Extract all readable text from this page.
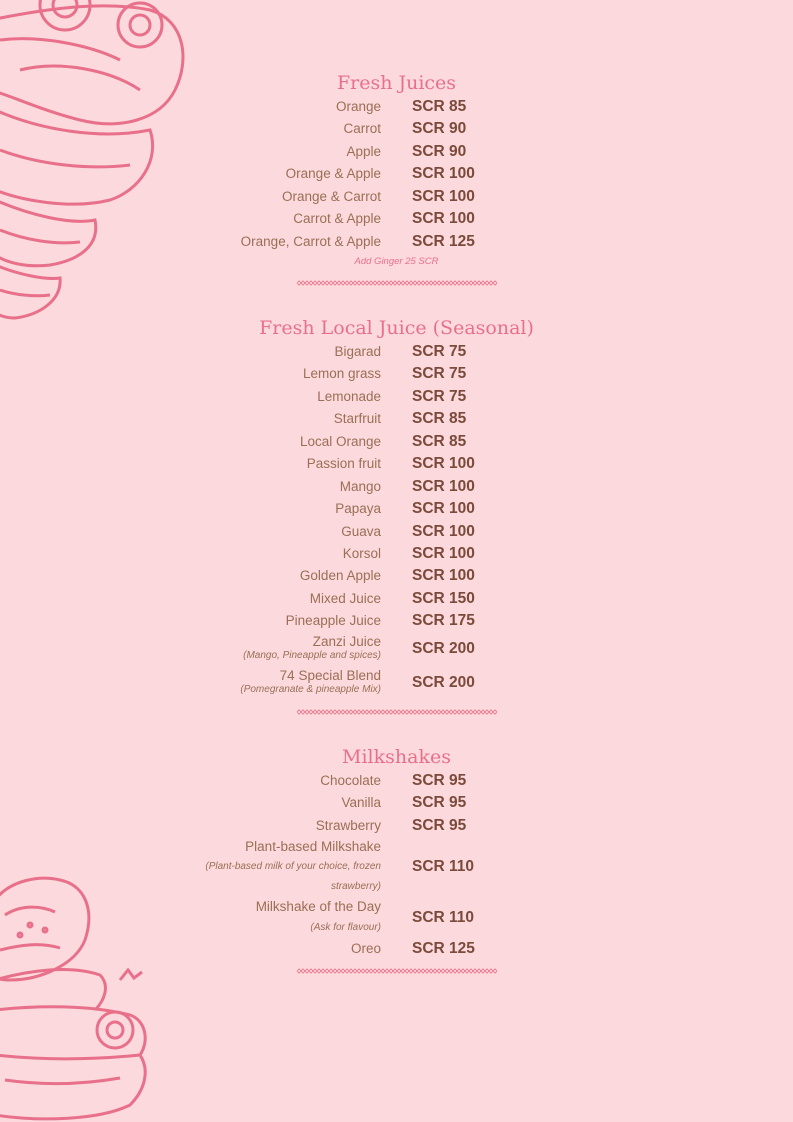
Fresh Juices
Orange SCR 85
Carrot SCR 90
Apple SCR 90
Orange & Apple SCR 100
Orange & Carrot SCR 100
Carrot & Apple SCR 100
Orange, Carrot & Apple SCR 125
Add Ginger 25 SCR
Fresh Local Juice (Seasonal)
Bigarad SCR 75
Lemon grass SCR 75
Lemonade SCR 75
Starfruit SCR 85
Local Orange SCR 85
Passion fruit SCR 100
Mango SCR 100
Papaya SCR 100
Guava SCR 100
Korsol SCR 100
Golden Apple SCR 100
Mixed Juice SCR 150
Pineapple Juice SCR 175
Zanzi Juice
(Mango, Pineapple and spices) SCR 200
74 Special Blend
(Pomegranate & pineapple Mix) SCR 200
Milkshakes
Chocolate SCR 95
Vanilla SCR 95
Strawberry SCR 95
Plant-based Milkshake
(Plant-based milk of your choice, frozen
strawberry)
SCR 110
Milkshake of the Day
(Ask for flavour)
SCR 110
Oreo SCR 125
